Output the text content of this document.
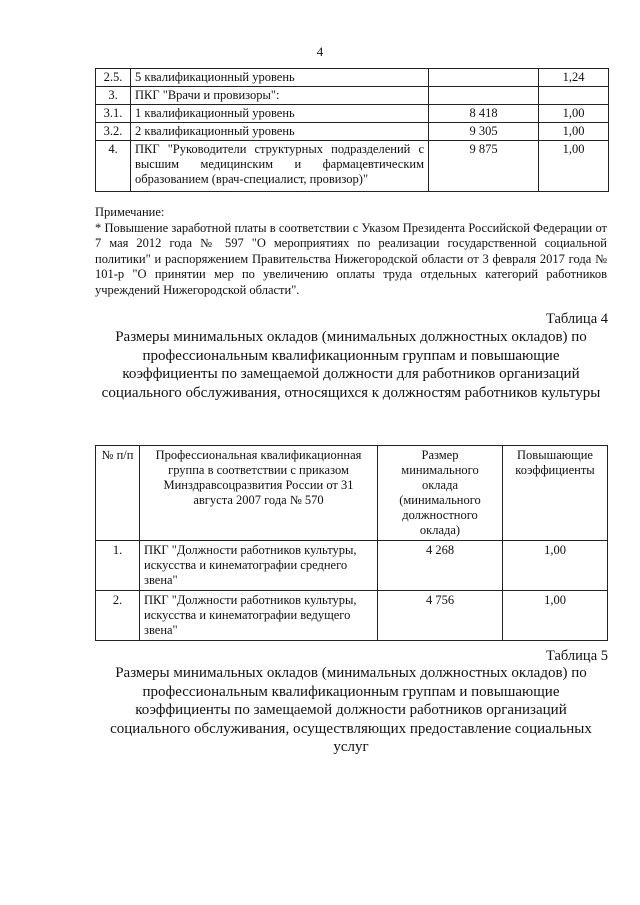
4
2.5.	5 квалификационный уровень		1,24
3.	ПКГ "Врачи и провизоры":		
3.1.	1 квалификационный уровень	8 418	1,00
3.2.	2 квалификационный уровень	9 305	1,00
4.	ПКГ "Руководители структурных подразделений с высшим медицинским и фармацевтическим образованием (врач-специалист, провизор)"	9 875	1,00
Примечание:
* Повышение заработной платы в соответствии с Указом Президента Российской Федерации от 7 мая 2012 года № 597 "О мероприятиях по реализации государственной социальной политики" и распоряжением Правительства Нижегородской области от 3 февраля 2017 года № 101-р "О принятии мер по увеличению оплаты труда отдельных категорий работников учреждений Нижегородской области".
Таблица 4
Размеры минимальных окладов (минимальных должностных окладов) по профессиональным квалификационным группам и повышающие коэффициенты по замещаемой должности для работников организаций социального обслуживания, относящихся к должностям работников культуры
№ п/п	Профессиональная квалификационная группа в соответствии с приказом Минздравсоцразвития России от 31 августа 2007 года № 570	Размер минимального оклада (минимального должностного оклада)	Повышающие коэффициенты
1.	ПКГ "Должности работников культуры, искусства и кинематографии среднего звена"	4 268	1,00
2.	ПКГ "Должности работников культуры, искусства и кинематографии ведущего звена"	4 756	1,00
Таблица 5
Размеры минимальных окладов (минимальных должностных окладов) по профессиональным квалификационным группам и повышающие коэффициенты по замещаемой должности работников организаций социального обслуживания, осуществляющих предоставление социальных услуг
